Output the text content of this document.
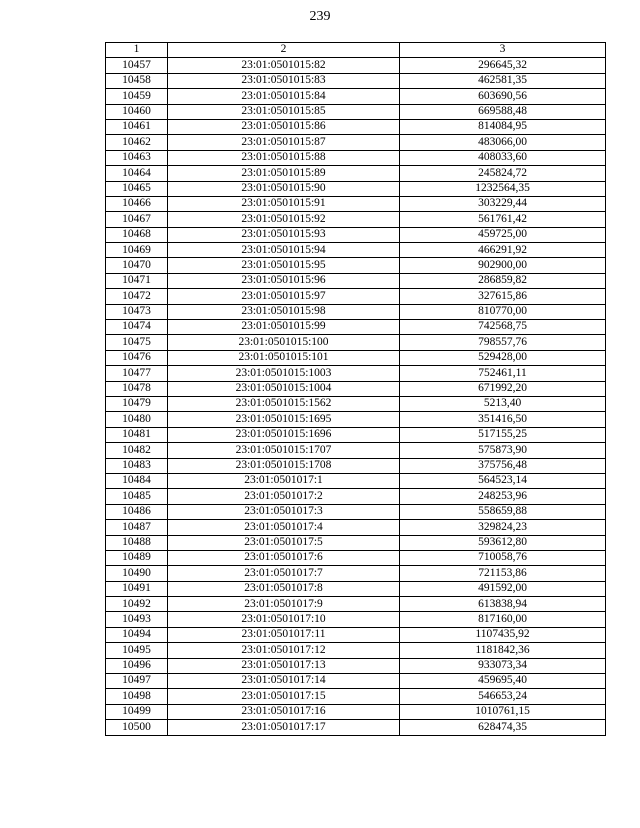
239
1	2	3
10457	23:01:0501015:82	296645,32
10458	23:01:0501015:83	462581,35
10459	23:01:0501015:84	603690,56
10460	23:01:0501015:85	669588,48
10461	23:01:0501015:86	814084,95
10462	23:01:0501015:87	483066,00
10463	23:01:0501015:88	408033,60
10464	23:01:0501015:89	245824,72
10465	23:01:0501015:90	1232564,35
10466	23:01:0501015:91	303229,44
10467	23:01:0501015:92	561761,42
10468	23:01:0501015:93	459725,00
10469	23:01:0501015:94	466291,92
10470	23:01:0501015:95	902900,00
10471	23:01:0501015:96	286859,82
10472	23:01:0501015:97	327615,86
10473	23:01:0501015:98	810770,00
10474	23:01:0501015:99	742568,75
10475	23:01:0501015:100	798557,76
10476	23:01:0501015:101	529428,00
10477	23:01:0501015:1003	752461,11
10478	23:01:0501015:1004	671992,20
10479	23:01:0501015:1562	5213,40
10480	23:01:0501015:1695	351416,50
10481	23:01:0501015:1696	517155,25
10482	23:01:0501015:1707	575873,90
10483	23:01:0501015:1708	375756,48
10484	23:01:0501017:1	564523,14
10485	23:01:0501017:2	248253,96
10486	23:01:0501017:3	558659,88
10487	23:01:0501017:4	329824,23
10488	23:01:0501017:5	593612,80
10489	23:01:0501017:6	710058,76
10490	23:01:0501017:7	721153,86
10491	23:01:0501017:8	491592,00
10492	23:01:0501017:9	613838,94
10493	23:01:0501017:10	817160,00
10494	23:01:0501017:11	1107435,92
10495	23:01:0501017:12	1181842,36
10496	23:01:0501017:13	933073,34
10497	23:01:0501017:14	459695,40
10498	23:01:0501017:15	546653,24
10499	23:01:0501017:16	1010761,15
10500	23:01:0501017:17	628474,35
